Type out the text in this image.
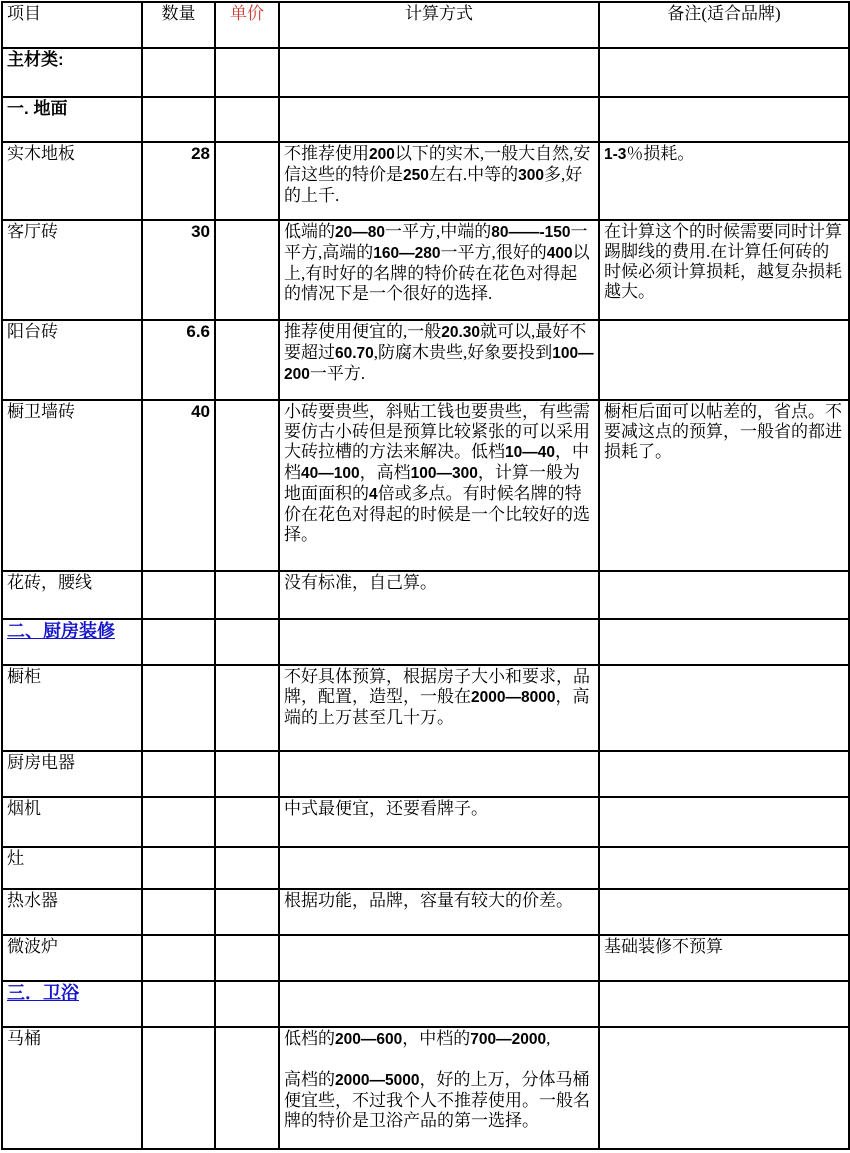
项目	数量	单价	计算方式	备注(适合品牌)
主材类:				
一. 地面				
实木地板	28		不推荐使用200以下的实木,一般大自然,安信这些的特价是250左右.中等的300多,好的上千.	1-3％损耗。
客厅砖	30		低端的20—80一平方,中端的80——-150一平方,高端的160—280一平方,很好的400以上,有时好的名牌的特价砖在花色对得起的情况下是一个很好的选择.	在计算这个的时候需要同时计算踢脚线的费用.在计算任何砖的时候必须计算损耗，越复杂损耗越大。
阳台砖	6.6		推荐使用便宜的,一般20.30就可以,最好不要超过60.70,防腐木贵些,好象要投到100—200一平方.	
橱卫墙砖	40		小砖要贵些，斜贴工钱也要贵些，有些需要仿古小砖但是预算比较紧张的可以采用大砖拉槽的方法来解决。低档10—40，中档40—100，高档100—300，计算一般为地面面积的4倍或多点。有时候名牌的特价在花色对得起的时候是一个比较好的选择。	橱柜后面可以帖差的，省点。不要减这点的预算，一般省的都进损耗了。
花砖，腰线			没有标准，自己算。	
二、厨房装修				
橱柜			不好具体预算，根据房子大小和要求，品牌，配置，造型，一般在2000—8000，高端的上万甚至几十万。	
厨房电器				
烟机			中式最便宜，还要看牌子。	
灶				
热水器			根据功能，品牌，容量有较大的价差。	
微波炉				基础装修不预算
三．卫浴				
马桶			低档的200—600，中档的700—2000,

高档的2000—5000，好的上万，分体马桶便宜些，不过我个人不推荐使用。一般名牌的特价是卫浴产品的第一选择。	
